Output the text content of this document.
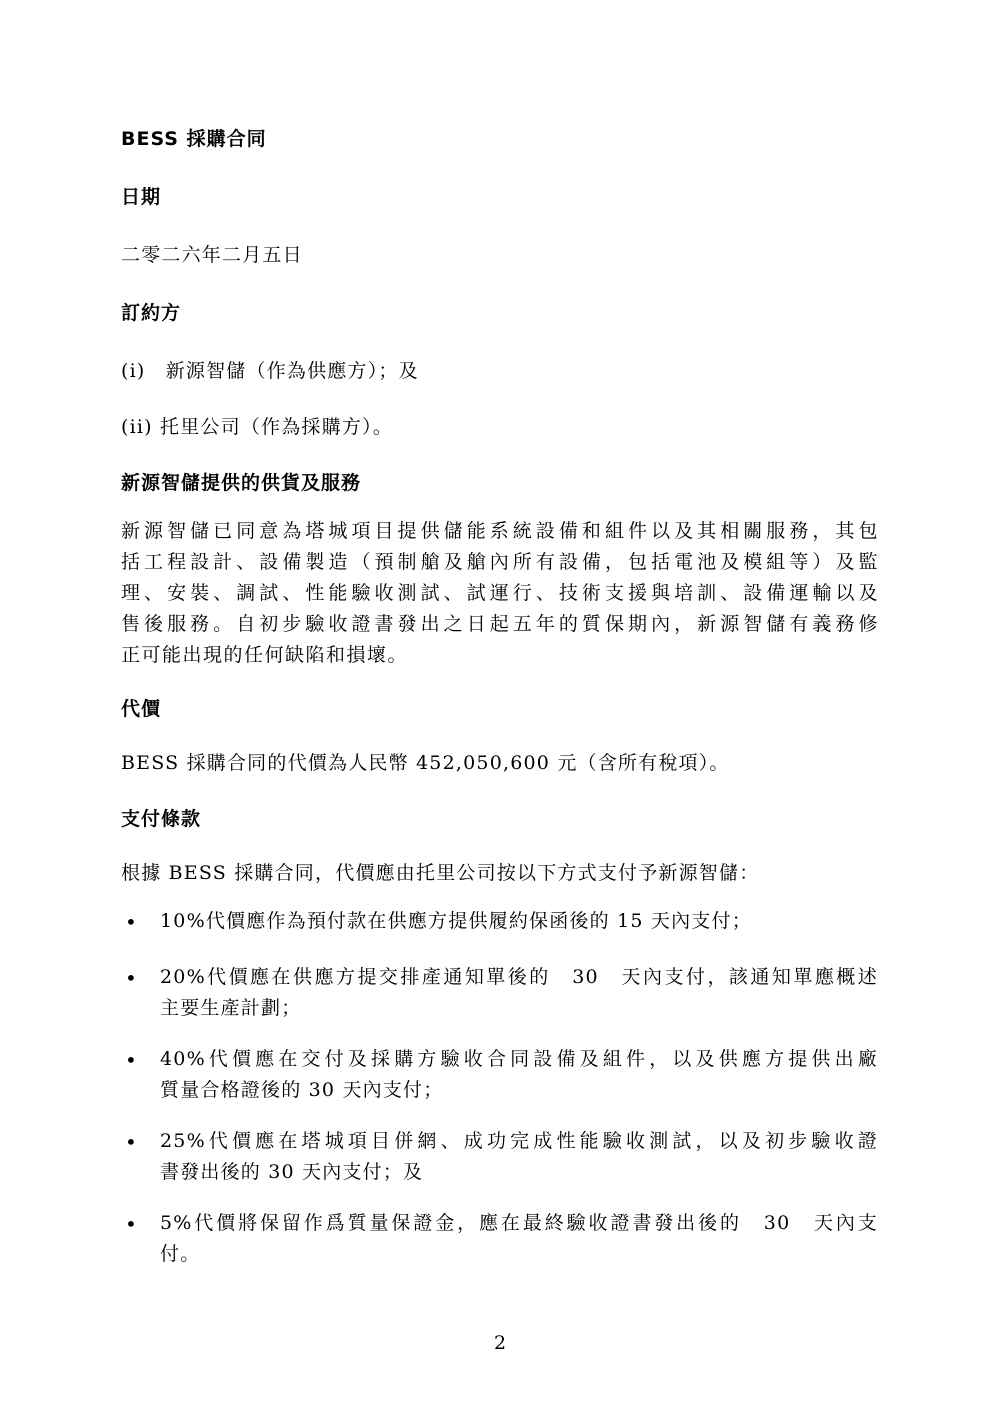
BESS 採購合同
日期
二零二六年二月五日
訂約方
(i)　新源智儲（作為供應方）；及
(ii) 托里公司（作為採購方）。
新源智儲提供的供貨及服務
新源智儲已同意為塔城項目提供儲能系統設備和組件以及其相關服務，其包
括工程設計、設備製造（預制艙及艙內所有設備，包括電池及模組等）及監
理、安裝、調試、性能驗收測試、試運行、技術支援與培訓、設備運輸以及
售後服務。自初步驗收證書發出之日起五年的質保期內，新源智儲有義務修
正可能出現的任何缺陷和損壞。
代價
BESS 採購合同的代價為人民幣 452,050,600 元（含所有稅項）。
支付條款
根據 BESS 採購合同，代價應由托里公司按以下方式支付予新源智儲：
• 10%代價應作為預付款在供應方提供履約保函後的 15 天內支付；
• 20%代價應在供應方提交排產通知單後的　30　天內支付，該通知單應概述
主要生產計劃；
• 40%代價應在交付及採購方驗收合同設備及組件，以及供應方提供出廠
質量合格證後的 30 天內支付；
• 25%代價應在塔城項目併網、成功完成性能驗收測試，以及初步驗收證
書發出後的 30 天內支付；及
• 5%代價將保留作爲質量保證金，應在最終驗收證書發出後的　30　天內支
付。
2
